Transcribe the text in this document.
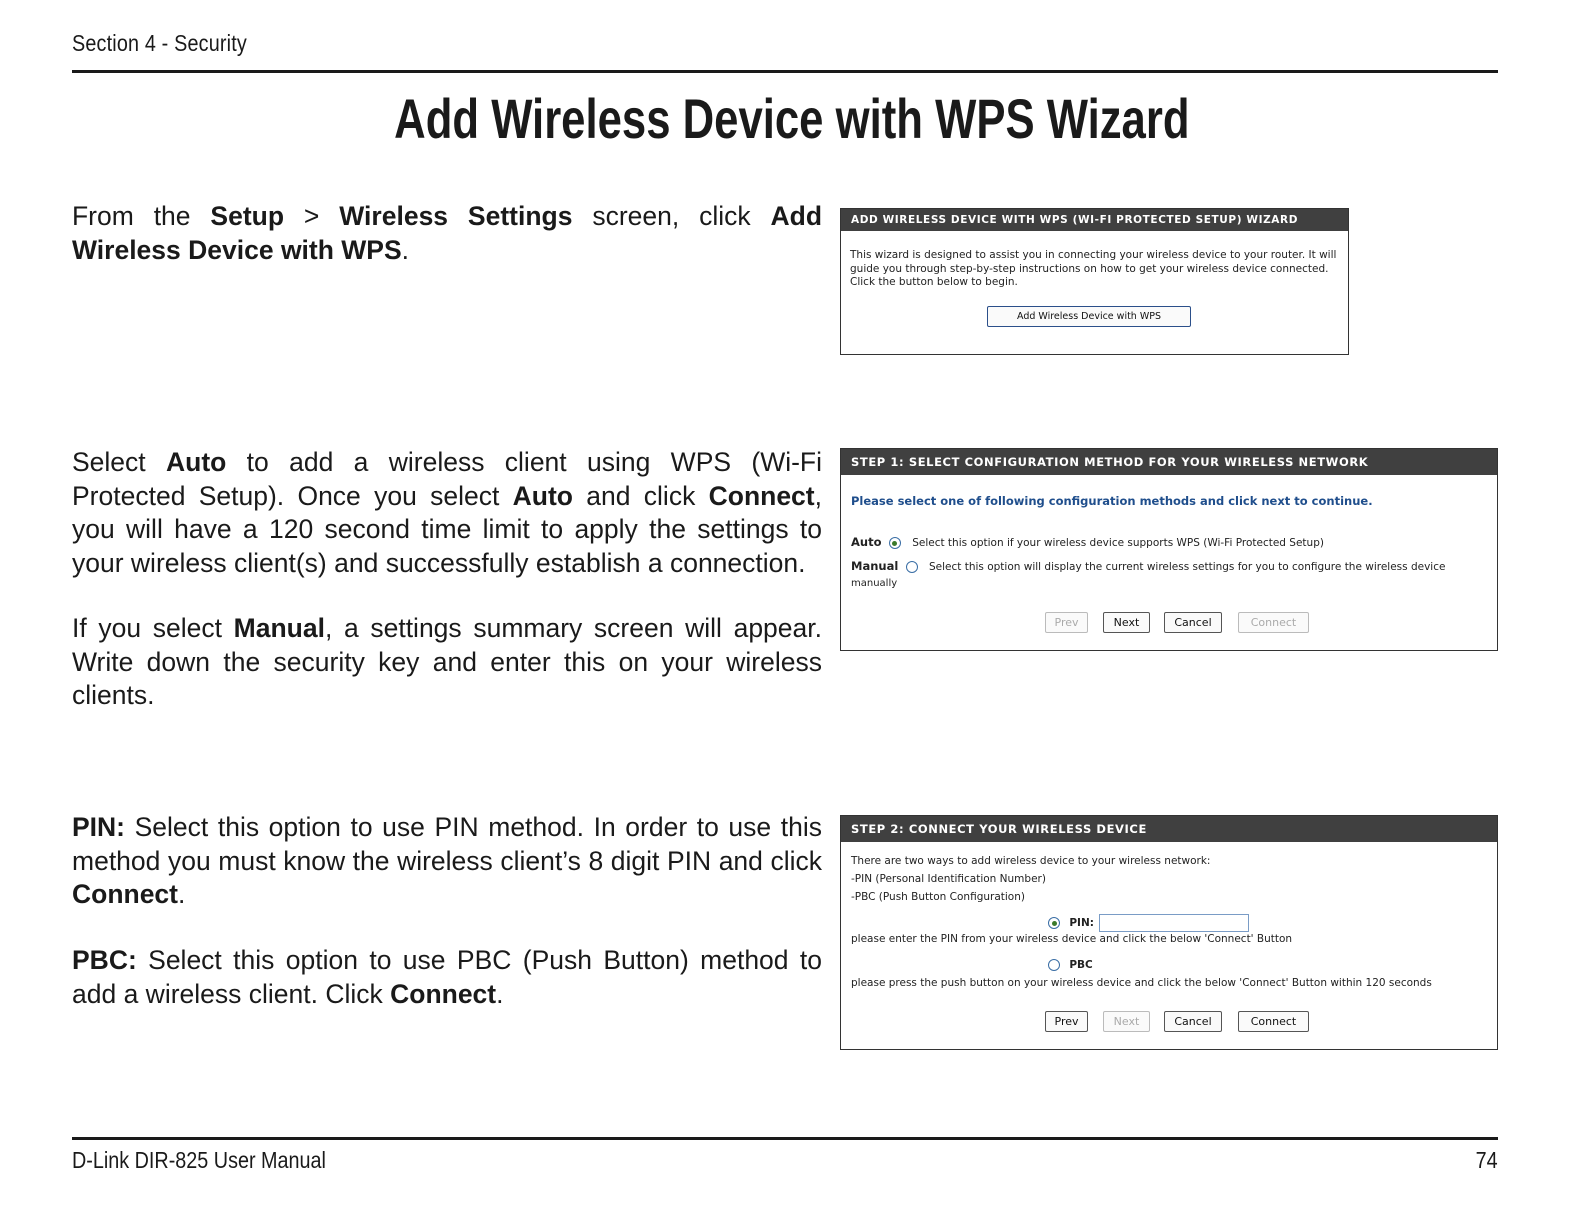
Section 4 - Security
Add Wireless Device with WPS Wizard
From the Setup > Wireless Settings screen, click Add Wireless Device with WPS.
ADD WIRELESS DEVICE WITH WPS (WI-FI PROTECTED SETUP) WIZARD
This wizard is designed to assist you in connecting your wireless device to your router. It will guide you through step-by-step instructions on how to get your wireless device connected. Click the button below to begin.
Add Wireless Device with WPS
Select Auto to add a wireless client using WPS (Wi-Fi Protected Setup). Once you select Auto and click Connect, you will have a 120 second time limit to apply the settings to your wireless client(s) and successfully establish a connection.
If you select Manual, a settings summary screen will appear. Write down the security key and enter this on your wireless clients.
STEP 1: SELECT CONFIGURATION METHOD FOR YOUR WIRELESS NETWORK
Please select one of following configuration methods and click next to continue.
Auto	Select this option if your wireless device supports WPS (Wi-Fi Protected Setup)
Manual	Select this option will display the current wireless settings for you to configure the wireless device
manually
Prev	Next	Cancel	Connect
PIN: Select this option to use PIN method. In order to use this method you must know the wireless client’s 8 digit PIN and click Connect.
PBC: Select this option to use PBC (Push Button) method to add a wireless client. Click Connect.
STEP 2: CONNECT YOUR WIRELESS DEVICE
There are two ways to add wireless device to your wireless network:
-PIN (Personal Identification Number)
-PBC (Push Button Configuration)
PIN:
please enter the PIN from your wireless device and click the below 'Connect' Button
PBC
please press the push button on your wireless device and click the below 'Connect' Button within 120 seconds
Prev	Next	Cancel	Connect
D-Link DIR-825 User Manual	74
